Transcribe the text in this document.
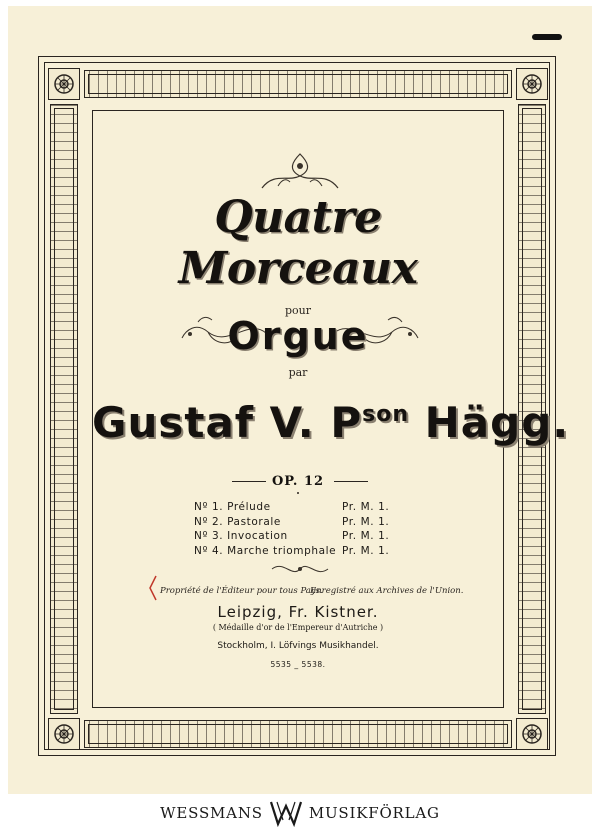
Quatre Morceaux
pour
Orgue
par
Gustaf V. $P^{son}$ Hägg.
OP. 12
Nº 1. Prélude	Pr. M. 1.
Nº 2. Pastorale	Pr. M. 1.
Nº 3. Invocation	Pr. M. 1.
Nº 4. Marche triomphale Pr. M. 1.
Propriété de l'Éditeur pour tous Pays.
Enregistré aux Archives de l'Union.
Leipzig, Fr. Kistner.
( Médaille d'or de l'Empereur d'Autriche )
Stockholm, I. Löfvings Musikhandel.
5535 _ 5538.
WESSMANS	MUSIKFÖRLAG
